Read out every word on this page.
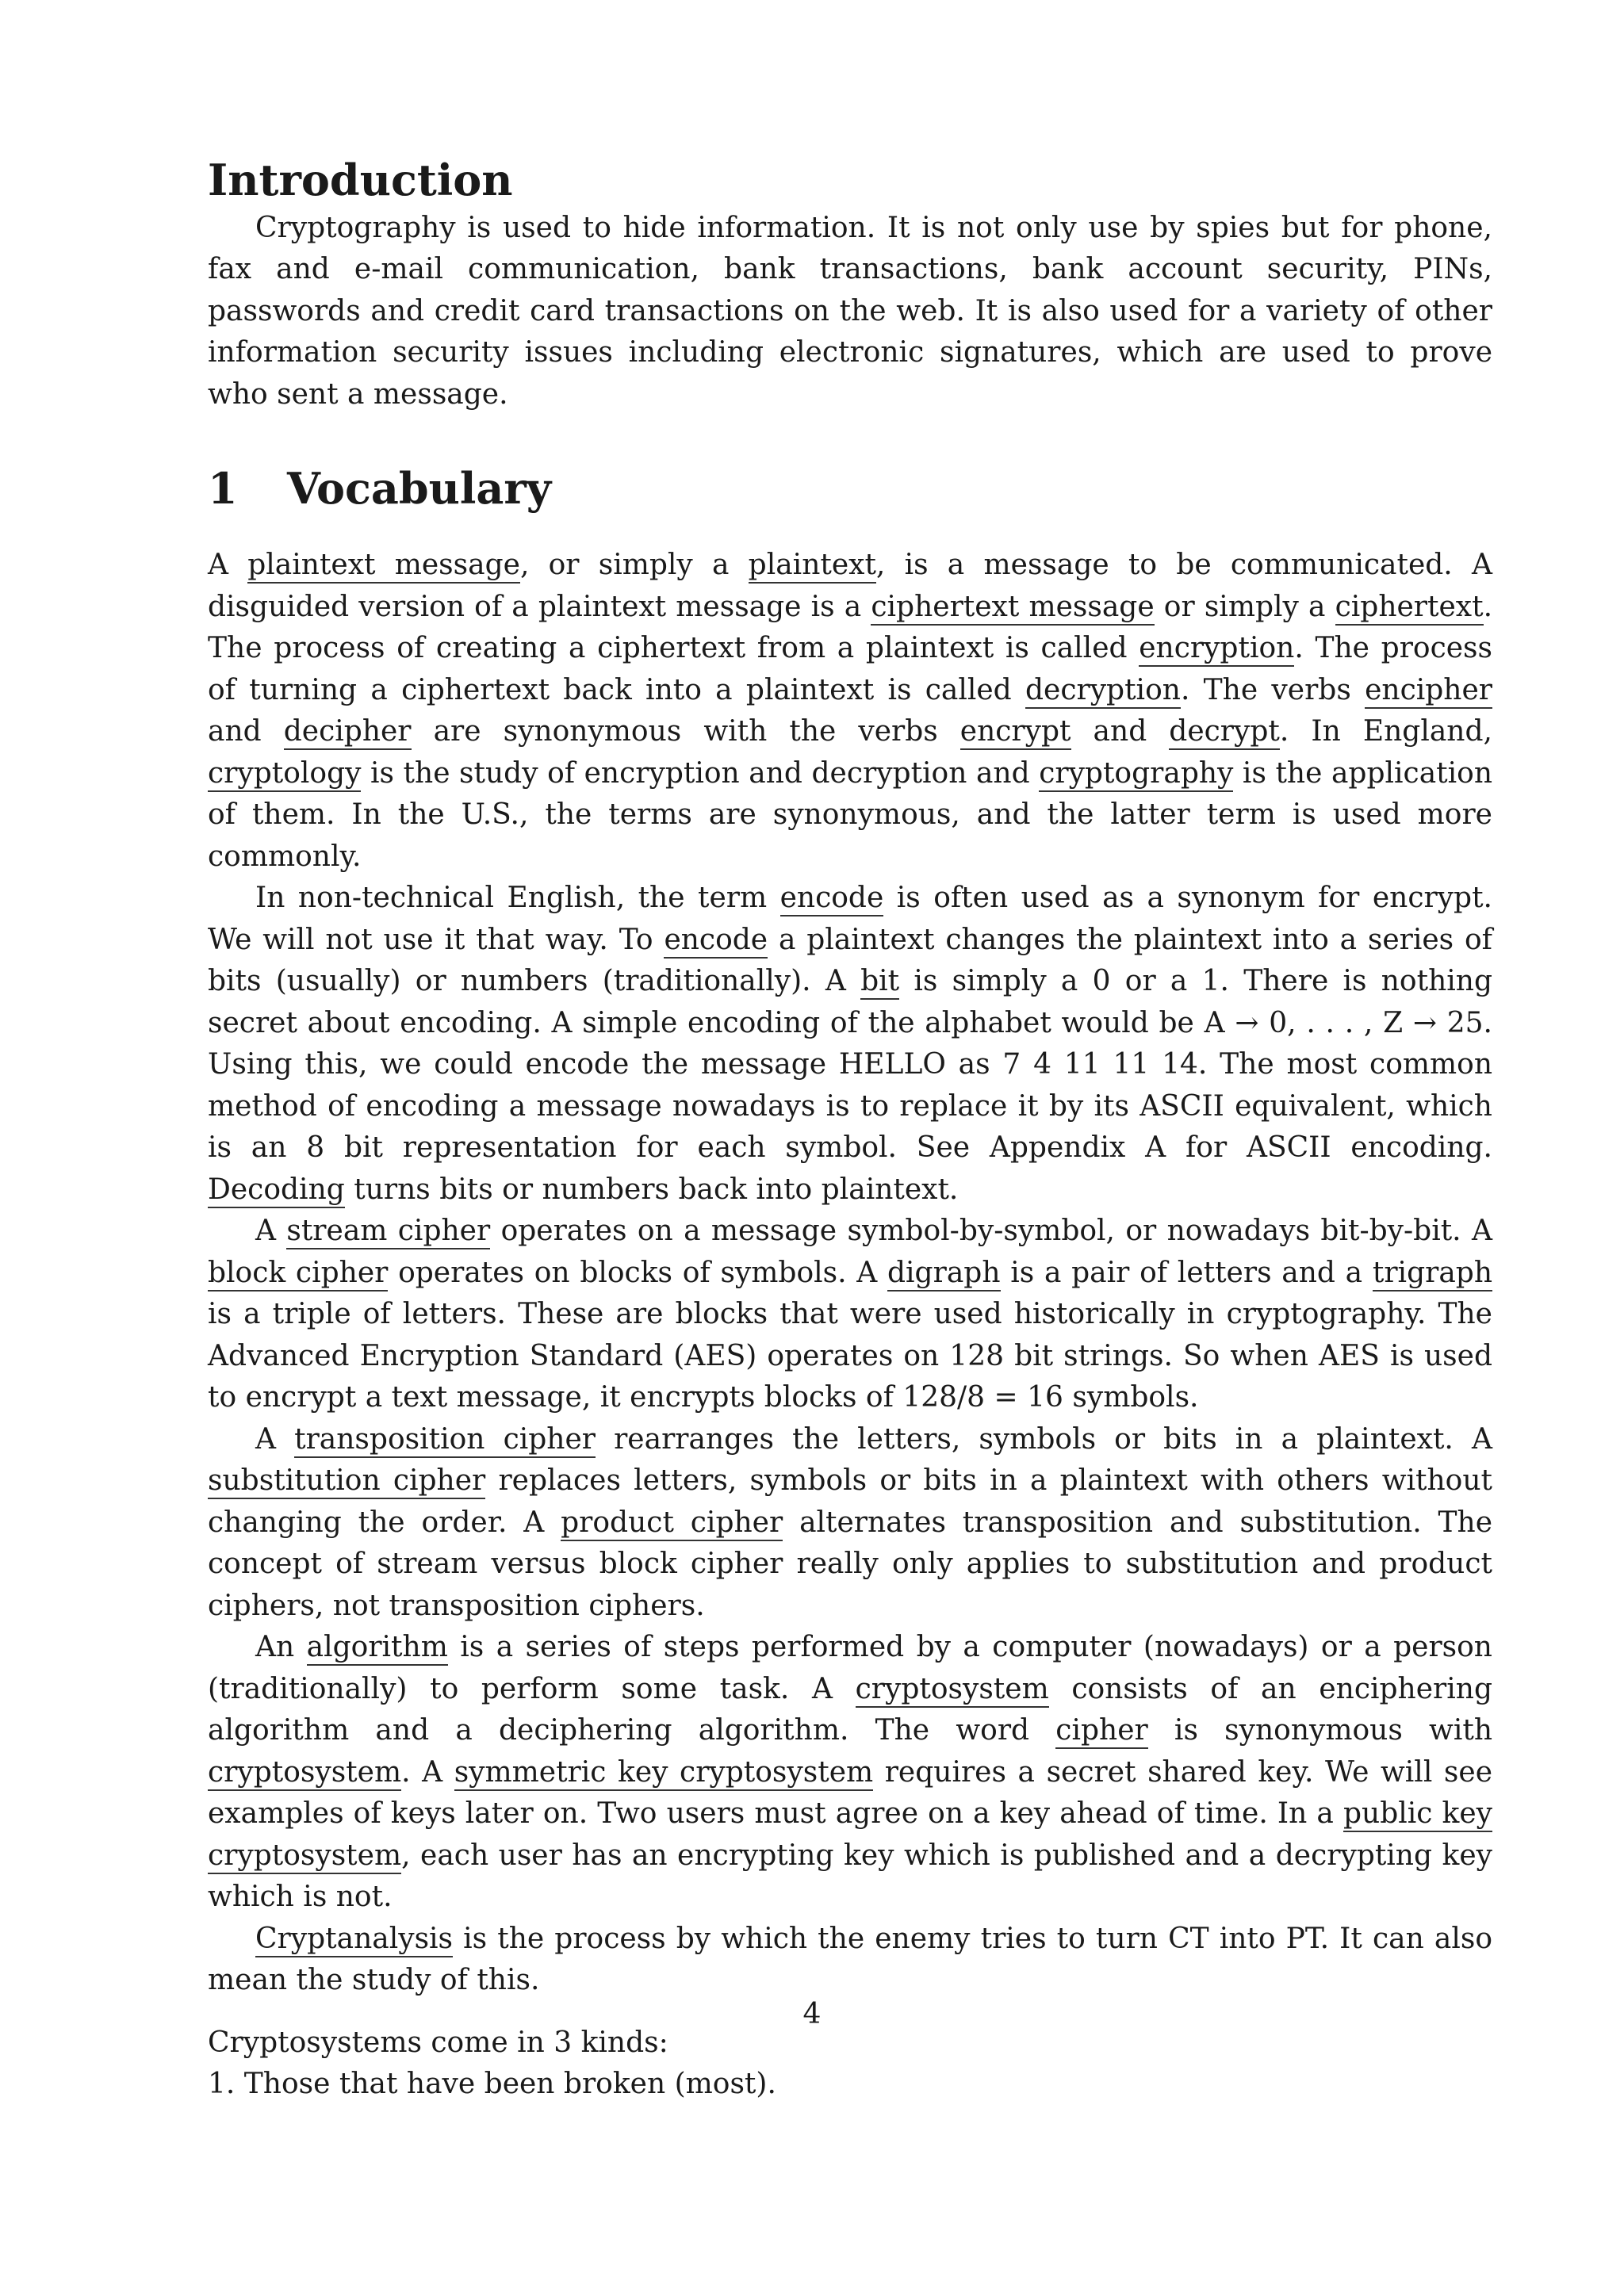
Introduction

Cryptography is used to hide information. It is not only use by spies but for phone, fax and e-mail communication, bank transactions, bank account security, PINs, passwords and credit card transactions on the web. It is also used for a variety of other information security issues including electronic signatures, which are used to prove who sent a message.

1 Vocabulary

A plaintext message, or simply a plaintext, is a message to be communicated. A disguided version of a plaintext message is a ciphertext message or simply a ciphertext. The process of creating a ciphertext from a plaintext is called encryption. The process of turning a ciphertext back into a plaintext is called decryption. The verbs encipher and decipher are synonymous with the verbs encrypt and decrypt. In England, cryptology is the study of encryption and decryption and cryptography is the application of them. In the U.S., the terms are synonymous, and the latter term is used more commonly.

In non-technical English, the term encode is often used as a synonym for encrypt. We will not use it that way. To encode a plaintext changes the plaintext into a series of bits (usually) or numbers (traditionally). A bit is simply a 0 or a 1. There is nothing secret about encoding. A simple encoding of the alphabet would be A → 0, . . . , Z → 25. Using this, we could encode the message HELLO as 7 4 11 11 14. The most common method of encoding a message nowadays is to replace it by its ASCII equivalent, which is an 8 bit representation for each symbol. See Appendix A for ASCII encoding. Decoding turns bits or numbers back into plaintext.

A stream cipher operates on a message symbol-by-symbol, or nowadays bit-by-bit. A block cipher operates on blocks of symbols. A digraph is a pair of letters and a trigraph is a triple of letters. These are blocks that were used historically in cryptography. The Advanced Encryption Standard (AES) operates on 128 bit strings. So when AES is used to encrypt a text message, it encrypts blocks of 128/8 = 16 symbols.

A transposition cipher rearranges the letters, symbols or bits in a plaintext. A substitution cipher replaces letters, symbols or bits in a plaintext with others without changing the order. A product cipher alternates transposition and substitution. The concept of stream versus block cipher really only applies to substitution and product ciphers, not transposition ciphers.

An algorithm is a series of steps performed by a computer (nowadays) or a person (traditionally) to perform some task. A cryptosystem consists of an enciphering algorithm and a deciphering algorithm. The word cipher is synonymous with cryptosystem. A symmetric key cryptosystem requires a secret shared key. We will see examples of keys later on. Two users must agree on a key ahead of time. In a public key cryptosystem, each user has an encrypting key which is published and a decrypting key which is not.

Cryptanalysis is the process by which the enemy tries to turn CT into PT. It can also mean the study of this.

Cryptosystems come in 3 kinds:

1. Those that have been broken (most).

4
